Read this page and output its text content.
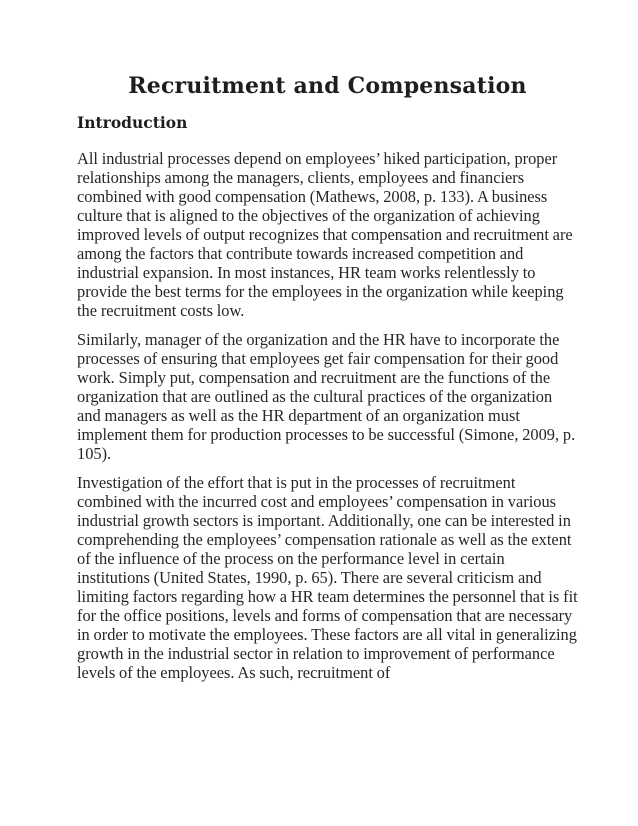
Recruitment and Compensation
Introduction

All industrial processes depend on employees’ hiked participation, proper relationships among the managers, clients, employees and financiers combined with good compensation (Mathews, 2008, p. 133). A business culture that is aligned to the objectives of the organization of achieving improved levels of output recognizes that compensation and recruitment are among the factors that contribute towards increased competition and industrial expansion. In most instances, HR team works relentlessly to provide the best terms for the employees in the organization while keeping the recruitment costs low.

Similarly, manager of the organization and the HR have to incorporate the processes of ensuring that employees get fair compensation for their good work. Simply put, compensation and recruitment are the functions of the organization that are outlined as the cultural practices of the organization and managers as well as the HR department of an organization must implement them for production processes to be successful (Simone, 2009, p. 105).

Investigation of the effort that is put in the processes of recruitment combined with the incurred cost and employees’ compensation in various industrial growth sectors is important. Additionally, one can be interested in comprehending the employees’ compensation rationale as well as the extent of the influence of the process on the performance level in certain institutions (United States, 1990, p. 65). There are several criticism and limiting factors regarding how a HR team determines the personnel that is fit for the office positions, levels and forms of compensation that are necessary in order to motivate the employees. These factors are all vital in generalizing growth in the industrial sector in relation to improvement of performance levels of the employees. As such, recruitment of
